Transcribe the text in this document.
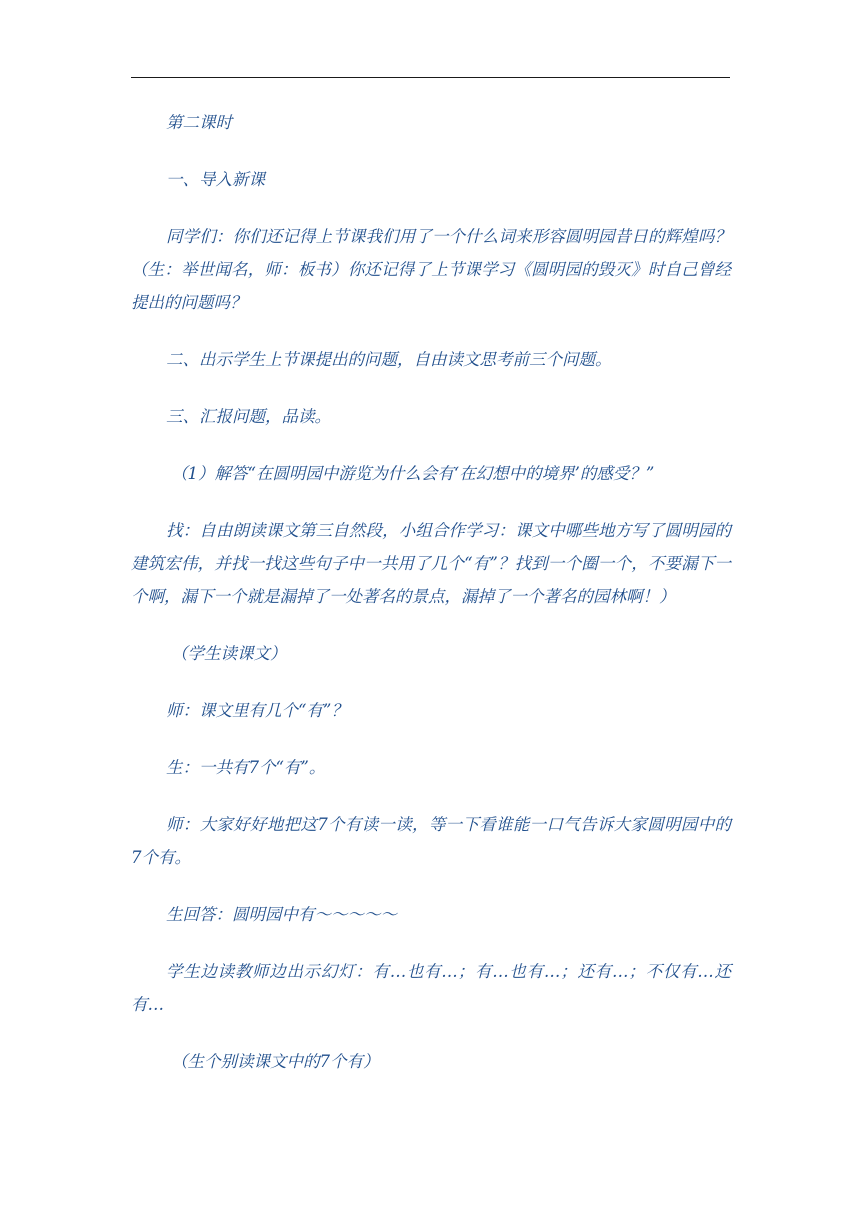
第二课时

一、导入新课

同学们：你们还记得上节课我们用了一个什么词来形容圆明园昔日的辉煌吗？（生：举世闻名，师：板书）你还记得了上节课学习《圆明园的毁灭》时自己曾经提出的问题吗？

二、出示学生上节课提出的问题，自由读文思考前三个问题。

三、汇报问题，品读。

（1）解答“在圆明园中游览为什么会有‘在幻想中的境界’的感受？”

找：自由朗读课文第三自然段，小组合作学习：课文中哪些地方写了圆明园的建筑宏伟，并找一找这些句子中一共用了几个“有”？找到一个圈一个，不要漏下一个啊，漏下一个就是漏掉了一处著名的景点，漏掉了一个著名的园林啊！）

（学生读课文）

师：课文里有几个“有”？

生：一共有7个“有”。

师：大家好好地把这7个有读一读，等一下看谁能一口气告诉大家圆明园中的7个有。

生回答：圆明园中有～～～～～

学生边读教师边出示幻灯：有…也有…；有…也有…；还有…；不仅有…还有…

（生个别读课文中的7个有）
